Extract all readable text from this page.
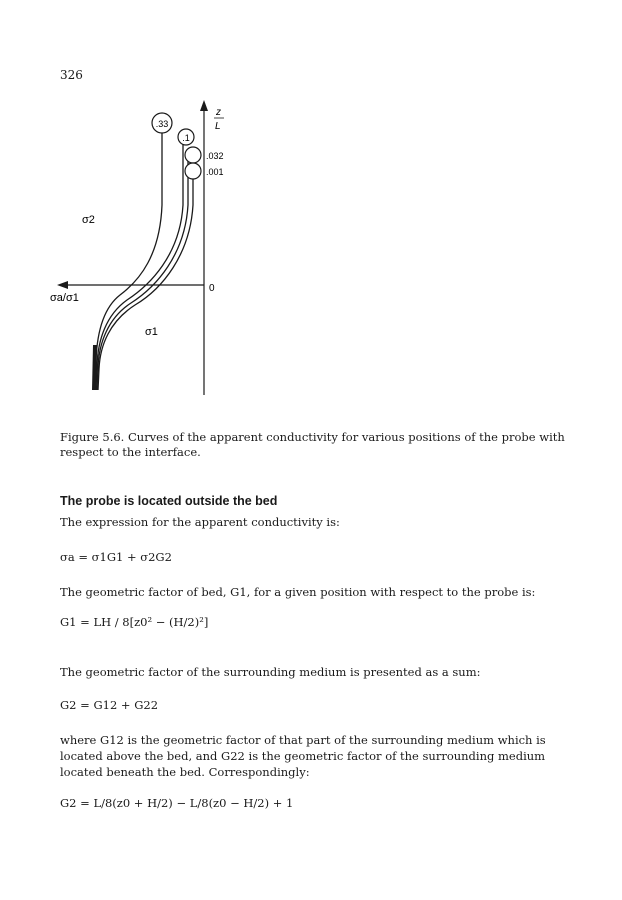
326
.33
.1
.032
.001
z
L
0
σ2
σa/σ1
σ1
Figure 5.6. Curves of the apparent conductivity for various positions of the probe with respect to the interface.
The probe is located outside the bed
The expression for the apparent conductivity is:
σa = σ1G1 + σ2G2
The geometric factor of bed, G1, for a given position with respect to the probe is:
G1 = LH / 8[z0² − (H/2)²]
The geometric factor of the surrounding medium is presented as a sum:
G2 = G12 + G22
where G12 is the geometric factor of that part of the surrounding medium which is located above the bed, and G22 is the geometric factor of the surrounding medium located beneath the bed. Correspondingly:
G2 = L/8(z0 + H/2) − L/8(z0 − H/2) + 1
